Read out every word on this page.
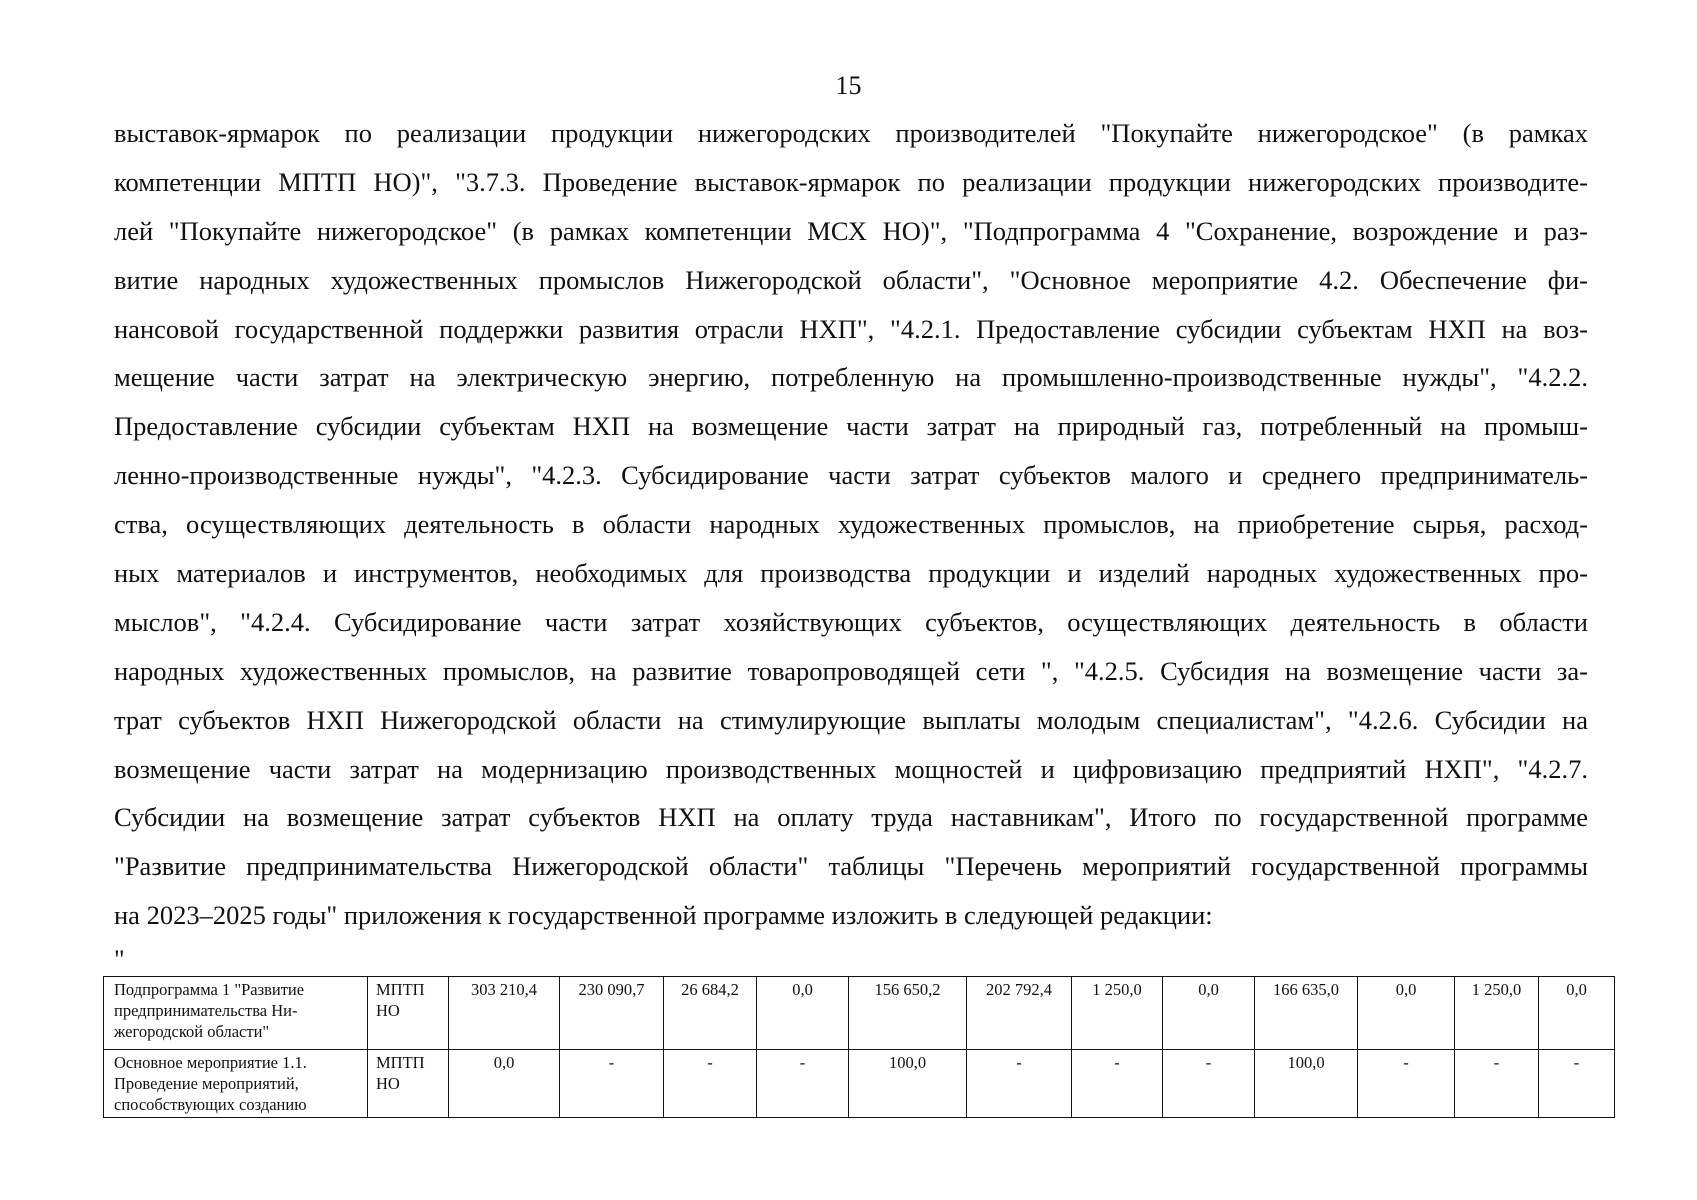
15
выставок-ярмарок по реализации продукции нижегородских производителей "Покупайте нижегородское" (в рамках
компетенции МПТП НО)", "3.7.3. Проведение выставок-ярмарок по реализации продукции нижегородских производите-
лей "Покупайте нижегородское" (в рамках компетенции МСХ НО)", "Подпрограмма 4 "Сохранение, возрождение и раз-
витие народных художественных промыслов Нижегородской области", "Основное мероприятие 4.2. Обеспечение фи-
нансовой государственной поддержки развития отрасли НХП", "4.2.1. Предоставление субсидии субъектам НХП на воз-
мещение части затрат на электрическую энергию, потребленную на промышленно-производственные нужды", "4.2.2.
Предоставление субсидии субъектам НХП на возмещение части затрат на природный газ, потребленный на промыш-
ленно-производственные нужды", "4.2.3. Субсидирование части затрат субъектов малого и среднего предприниматель-
ства, осуществляющих деятельность в области народных художественных промыслов, на приобретение сырья, расход-
ных материалов и инструментов, необходимых для производства продукции и изделий народных художественных про-
мыслов", "4.2.4. Субсидирование части затрат хозяйствующих субъектов, осуществляющих деятельность в области
народных художественных промыслов, на развитие товаропроводящей сети ", "4.2.5. Субсидия на возмещение части за-
трат субъектов НХП Нижегородской области на стимулирующие выплаты молодым специалистам", "4.2.6. Субсидии на
возмещение части затрат на модернизацию производственных мощностей и цифровизацию предприятий НХП", "4.2.7.
Субсидии на возмещение затрат субъектов НХП на оплату труда наставникам", Итого по государственной программе
"Развитие предпринимательства Нижегородской области" таблицы "Перечень мероприятий государственной программы
на 2023–2025 годы" приложения к государственной программе изложить в следующей редакции:
"
Подпрограмма 1 "Развитие предпринимательства Ни-жегородской области"	МПТП НО	303 210,4	230 090,7	26 684,2	0,0	156 650,2	202 792,4	1 250,0	0,0	166 635,0	0,0	1 250,0	0,0
Основное мероприятие 1.1. Проведение мероприятий, способствующих созданию	МПТП НО	0,0	-	-	-	100,0	-	-	-	100,0	-	-	-
